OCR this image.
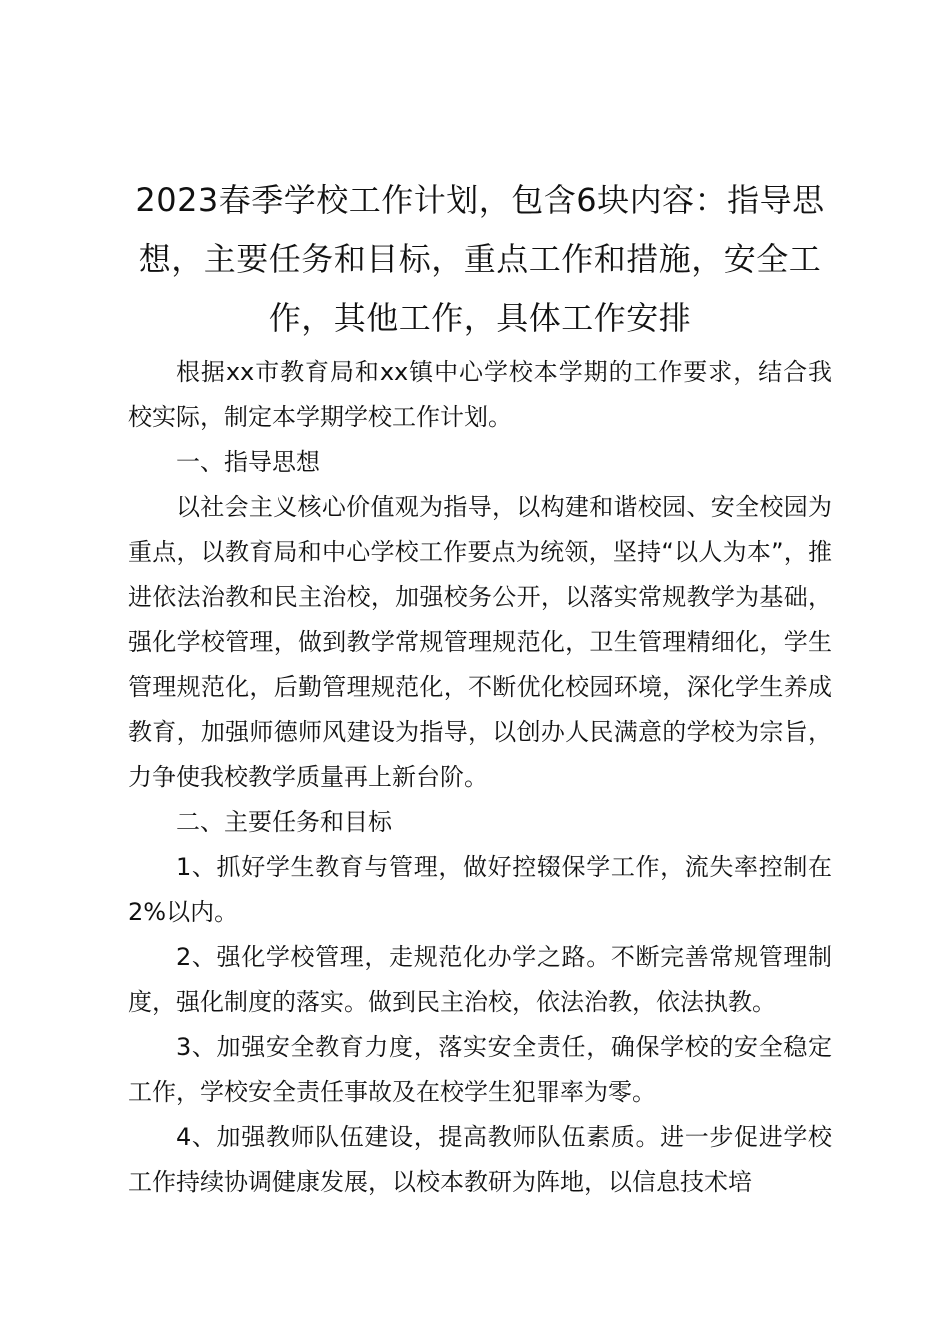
2023春季学校工作计划，包含6块内容：指导思想，主要任务和目标，重点工作和措施，安全工作，其他工作，具体工作安排

根据xx市教育局和xx镇中心学校本学期的工作要求，结合我校实际，制定本学期学校工作计划。

一、指导思想

以社会主义核心价值观为指导，以构建和谐校园、安全校园为重点，以教育局和中心学校工作要点为统领，坚持“以人为本”，推进依法治教和民主治校，加强校务公开，以落实常规教学为基础，强化学校管理，做到教学常规管理规范化，卫生管理精细化，学生管理规范化，后勤管理规范化，不断优化校园环境，深化学生养成教育，加强师德师风建设为指导，以创办人民满意的学校为宗旨，力争使我校教学质量再上新台阶。

二、主要任务和目标

1、抓好学生教育与管理，做好控辍保学工作，流失率控制在2%以内。

2、强化学校管理，走规范化办学之路。不断完善常规管理制度，强化制度的落实。做到民主治校，依法治教，依法执教。

3、加强安全教育力度，落实安全责任，确保学校的安全稳定工作，学校安全责任事故及在校学生犯罪率为零。

4、加强教师队伍建设，提高教师队伍素质。进一步促进学校工作持续协调健康发展，以校本教研为阵地，以信息技术培
